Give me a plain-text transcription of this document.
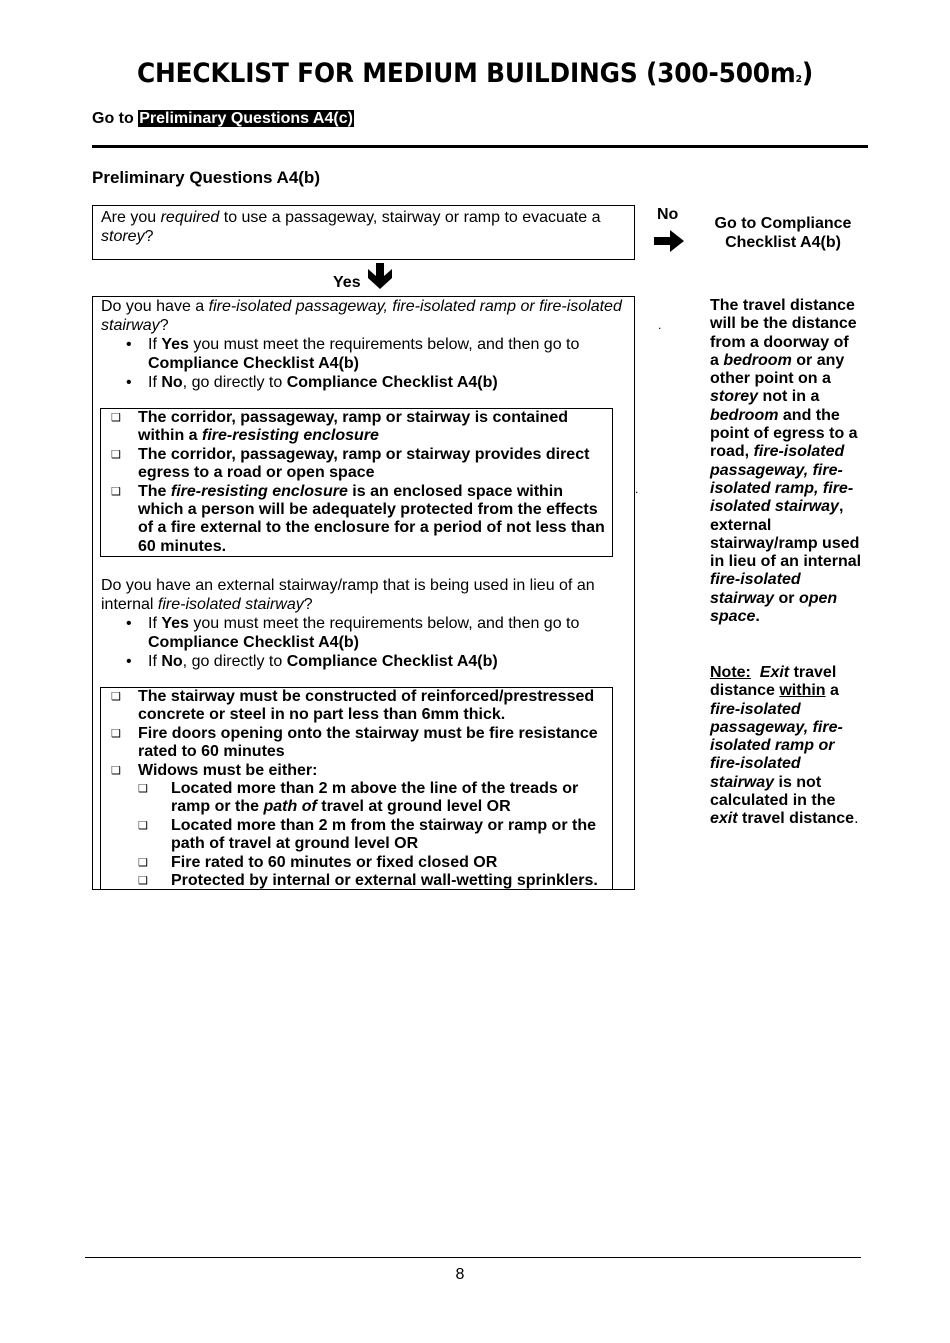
CHECKLIST FOR MEDIUM BUILDINGS (300-500m2)
Go to Preliminary Questions A4(c)
Preliminary Questions A4(b)
Are you required to use a passageway, stairway or ramp to evacuate a storey?
No
Go to Compliance Checklist A4(b)
Yes
Do you have a fire-isolated passageway, fire-isolated ramp or fire-isolated stairway?
• If Yes you must meet the requirements below, and then go to Compliance Checklist A4(b)
• If No, go directly to Compliance Checklist A4(b)
❑ The corridor, passageway, ramp or stairway is contained within a fire-resisting enclosure
❑ The corridor, passageway, ramp or stairway provides direct egress to a road or open space
❑ The fire-resisting enclosure is an enclosed space within which a person will be adequately protected from the effects of a fire external to the enclosure for a period of not less than 60 minutes.
Do you have an external stairway/ramp that is being used in lieu of an internal fire-isolated stairway?
• If Yes you must meet the requirements below, and then go to Compliance Checklist A4(b)
• If No, go directly to Compliance Checklist A4(b)
❑ The stairway must be constructed of reinforced/prestressed concrete or steel in no part less than 6mm thick.
❑ Fire doors opening onto the stairway must be fire resistance rated to 60 minutes
❑ Widows must be either:
❑ Located more than 2 m above the line of the treads or ramp or the path of travel at ground level OR
❑ Located more than 2 m from the stairway or ramp or the path of travel at ground level OR
❑ Fire rated to 60 minutes or fixed closed OR
❑ Protected by internal or external wall-wetting sprinklers.
.
.
The travel distance will be the distance from a doorway of a bedroom or any other point on a storey not in a bedroom and the point of egress to a road, fire-isolated passageway, fire-isolated ramp, fire-isolated stairway, external stairway/ramp used in lieu of an internal fire-isolated stairway or open space.
Note: Exit travel distance within a fire-isolated passageway, fire-isolated ramp or fire-isolated stairway is not calculated in the exit travel distance.
8
